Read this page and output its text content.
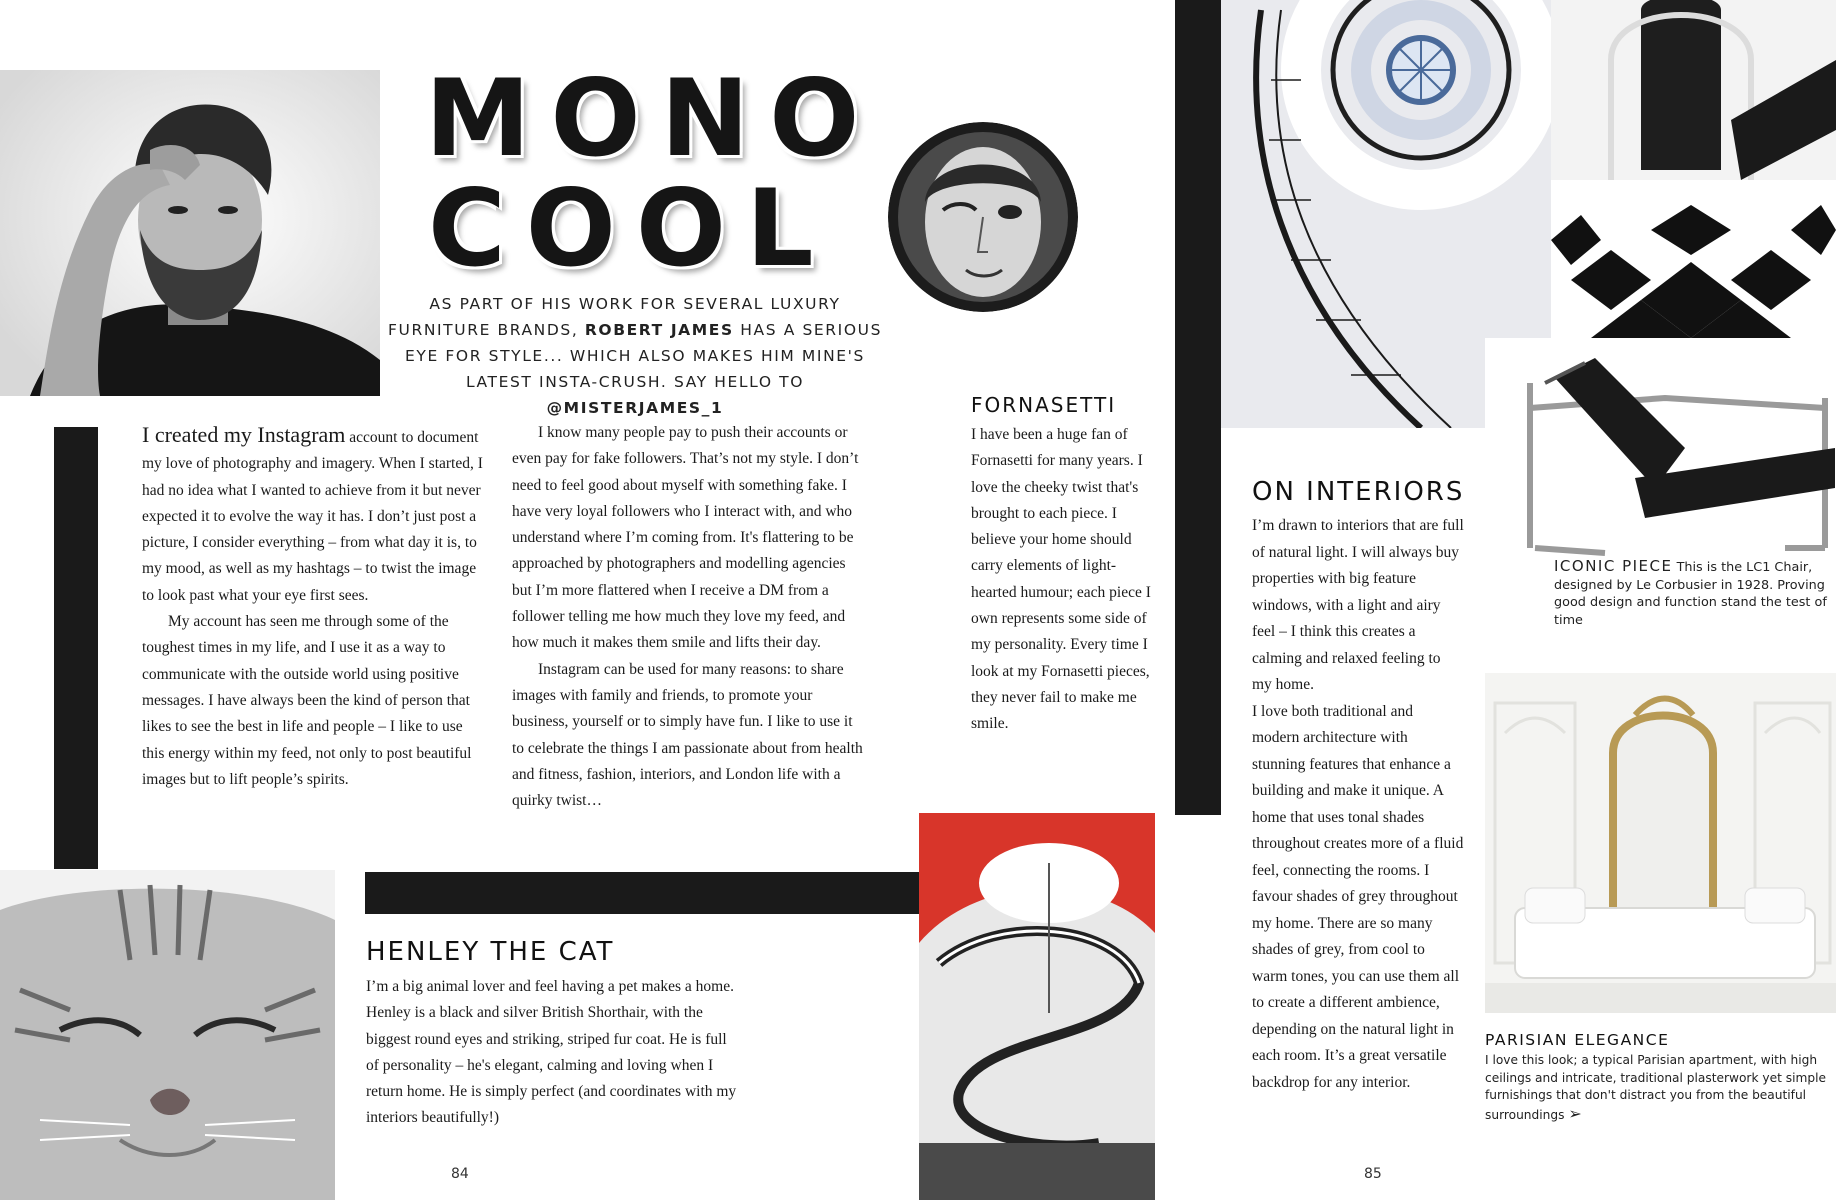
MONO
COOL
AS PART OF HIS WORK FOR SEVERAL LUXURY FURNITURE BRANDS, ROBERT JAMES HAS A SERIOUS EYE FOR STYLE... WHICH ALSO MAKES HIM MINE'S LATEST INSTA-CRUSH. SAY HELLO TO @MISTERJAMES_1

I created my Instagram account to document my love of photography and imagery. When I started, I had no idea what I wanted to achieve from it but never expected it to evolve the way it has. I don’t just post a picture, I consider everything – from what day it is, to my mood, as well as my hashtags – to twist the image to look past what your eye first sees.

My account has seen me through some of the toughest times in my life, and I use it as a way to communicate with the outside world using positive messages. I have always been the kind of person that likes to see the best in life and people – I like to use this energy within my feed, not only to post beautiful images but to lift people’s spirits.

I know many people pay to push their accounts or even pay for fake followers. That’s not my style. I don’t need to feel good about myself with something fake. I have very loyal followers who I interact with, and who understand where I’m coming from. It's flattering to be approached by photographers and modelling agencies but I’m more flattered when I receive a DM from a follower telling me how much they love my feed, and how much it makes them smile and lifts their day.

Instagram can be used for many reasons: to share images with family and friends, to promote your business, yourself or to simply have fun. I like to use it to celebrate the things I am passionate about from health and fitness, fashion, interiors, and London life with a quirky twist…

FORNASETTI
I have been a huge fan of Fornasetti for many years. I love the cheeky twist that's brought to each piece. I believe your home should carry elements of light-hearted humour; each piece I own represents some side of my personality. Every time I look at my Fornasetti pieces, they never fail to make me smile.
HENLEY THE CAT
I’m a big animal lover and feel having a pet makes a home. Henley is a black and silver British Shorthair, with the biggest round eyes and striking, striped fur coat. He is full of personality – he's elegant, calming and loving when I return home. He is simply perfect (and coordinates with my interiors beautifully!)
84
ICONIC PIECE This is the LC1 Chair, designed by Le Corbusier in 1928. Proving good design and function stand the test of time
ON INTERIORS
I’m drawn to interiors that are full of natural light. I will always buy properties with big feature windows, with a light and airy feel – I think this creates a calming and relaxed feeling to my home.
I love both traditional and modern architecture with stunning features that enhance a building and make it unique. A home that uses tonal shades throughout creates more of a fluid feel, connecting the rooms. I favour shades of grey throughout my home. There are so many shades of grey, from cool to warm tones, you can use them all to create a different ambience, depending on the natural light in each room. It’s a great versatile backdrop for any interior.
PARISIAN ELEGANCE
I love this look; a typical Parisian apartment, with high ceilings and intricate, traditional plasterwork yet simple furnishings that don't distract you from the beautiful surroundings ➢
85
